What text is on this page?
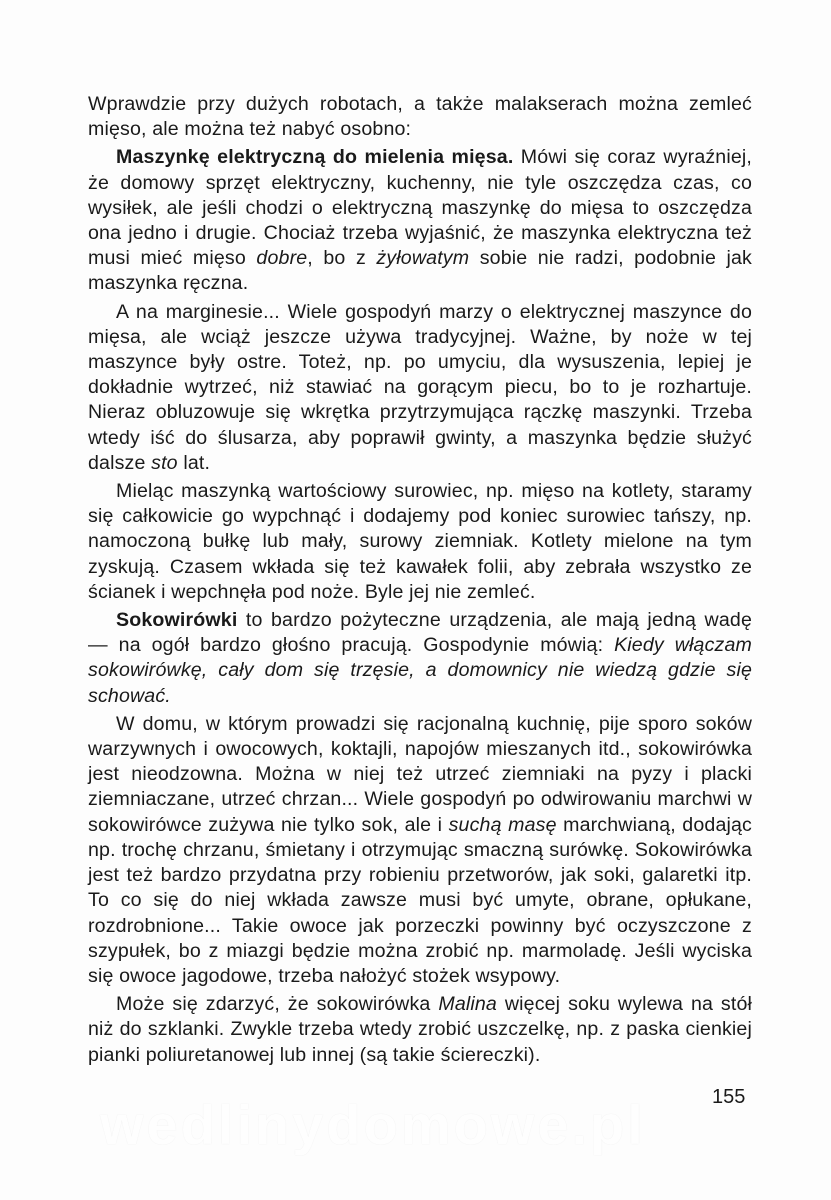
Wprawdzie przy dużych robotach, a także malakserach można zemleć mięso, ale można też nabyć osobno:

Maszynkę elektryczną do mielenia mięsa. Mówi się coraz wyraźniej, że domowy sprzęt elektryczny, kuchenny, nie tyle oszczędza czas, co wysiłek, ale jeśli chodzi o elektryczną maszynkę do mięsa to oszczędza ona jedno i drugie. Chociaż trzeba wyjaśnić, że maszynka elektryczna też musi mieć mięso dobre, bo z żyłowatym sobie nie radzi, podobnie jak maszynka ręczna.

A na marginesie... Wiele gospodyń marzy o elektrycznej maszynce do mięsa, ale wciąż jeszcze używa tradycyjnej. Ważne, by noże w tej maszynce były ostre. Toteż, np. po umyciu, dla wysuszenia, lepiej je dokładnie wytrzeć, niż stawiać na gorącym piecu, bo to je rozhartuje. Nieraz obluzowuje się wkrętka przytrzymująca rączkę maszynki. Trzeba wtedy iść do ślusarza, aby poprawił gwinty, a maszynka będzie służyć dalsze sto lat.

Mieląc maszynką wartościowy surowiec, np. mięso na kotlety, staramy się całkowicie go wypchnąć i dodajemy pod koniec surowiec tańszy, np. namoczoną bułkę lub mały, surowy ziemniak. Kotlety mielone na tym zyskują. Czasem wkłada się też kawałek folii, aby zebrała wszystko ze ścianek i wepchnęła pod noże. Byle jej nie zemleć.

Sokowirówki to bardzo pożyteczne urządzenia, ale mają jedną wadę — na ogół bardzo głośno pracują. Gospodynie mówią: Kiedy włączam sokowirówkę, cały dom się trzęsie, a domownicy nie wiedzą gdzie się schować.

W domu, w którym prowadzi się racjonalną kuchnię, pije sporo soków warzywnych i owocowych, koktajli, napojów mieszanych itd., sokowirówka jest nieodzowna. Można w niej też utrzeć ziemniaki na pyzy i placki ziemniaczane, utrzeć chrzan... Wiele gospodyń po odwirowaniu marchwi w sokowirówce zużywa nie tylko sok, ale i suchą masę marchwianą, dodając np. trochę chrzanu, śmietany i otrzymując smaczną surówkę. Sokowirówka jest też bardzo przydatna przy robieniu przetworów, jak soki, galaretki itp. To co się do niej wkłada zawsze musi być umyte, obrane, opłukane, rozdrobnione... Takie owoce jak porzeczki powinny być oczyszczone z szypułek, bo z miazgi będzie można zrobić np. marmoladę. Jeśli wyciska się owoce jagodowe, trzeba nałożyć stożek wsypowy.

Może się zdarzyć, że sokowirówka Malina więcej soku wylewa na stół niż do szklanki. Zwykle trzeba wtedy zrobić uszczelkę, np. z paska cienkiej pianki poliuretanowej lub innej (są takie ściereczki).

wedlinydomowe.pl	155
